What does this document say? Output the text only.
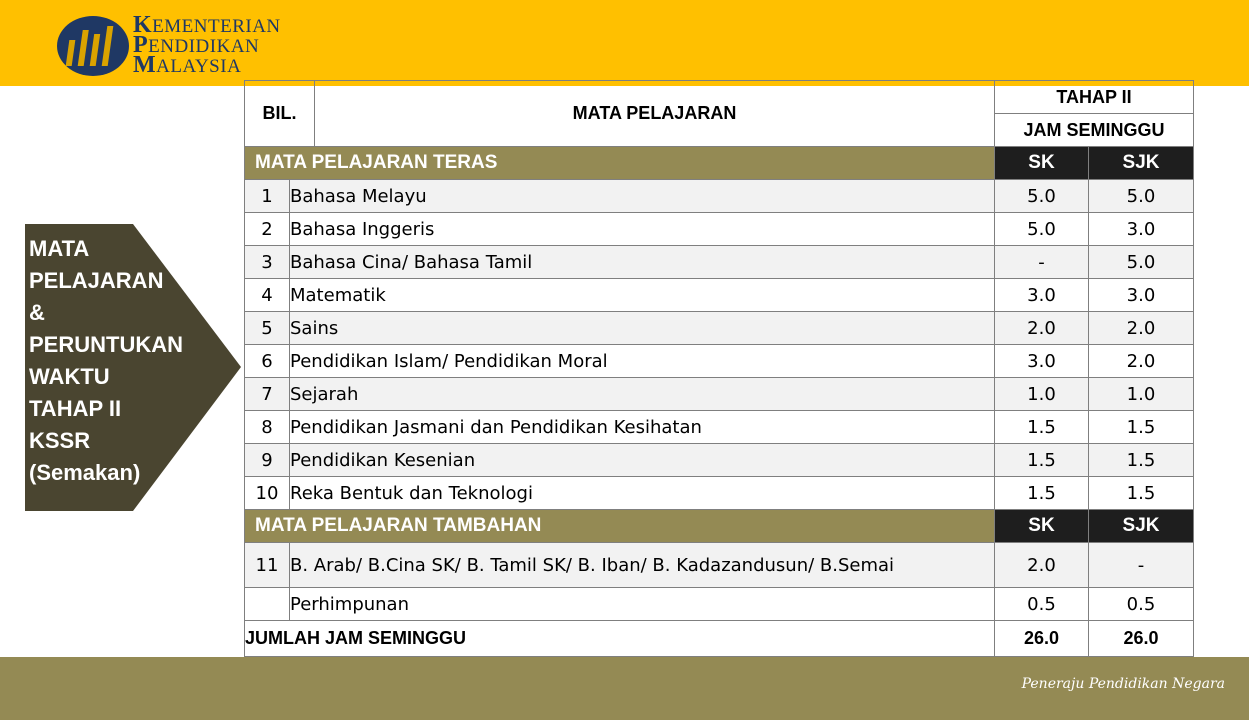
KEMENTERIAN
PENDIDIKAN
MALAYSIA
MATA
PELAJARAN
&
PERUNTUKAN
WAKTU
TAHAP II
KSSR
(Semakan)
BIL.		MATA PELAJARAN	TAHAP II	
			JAM SEMINGGU	
MATA PELAJARAN TERAS			SK	SJK
1	Bahasa Melayu		5.0	5.0
2	Bahasa Inggeris		5.0	3.0
3	Bahasa Cina/ Bahasa Tamil		-	5.0
4	Matematik		3.0	3.0
5	Sains		2.0	2.0
6	Pendidikan Islam/ Pendidikan Moral		3.0	2.0
7	Sejarah		1.0	1.0
8	Pendidikan Jasmani dan Pendidikan Kesihatan		1.5	1.5
9	Pendidikan Kesenian		1.5	1.5
10	Reka Bentuk dan Teknologi		1.5	1.5
MATA PELAJARAN TAMBAHAN			SK	SJK
11	B. Arab/ B.Cina SK/ B. Tamil SK/ B. Iban/ B. Kadazandusun/ B.Semai		2.0	-
	Perhimpunan		0.5	0.5
JUMLAH JAM SEMINGGU			26.0	26.0
Peneraju Pendidikan Negara
